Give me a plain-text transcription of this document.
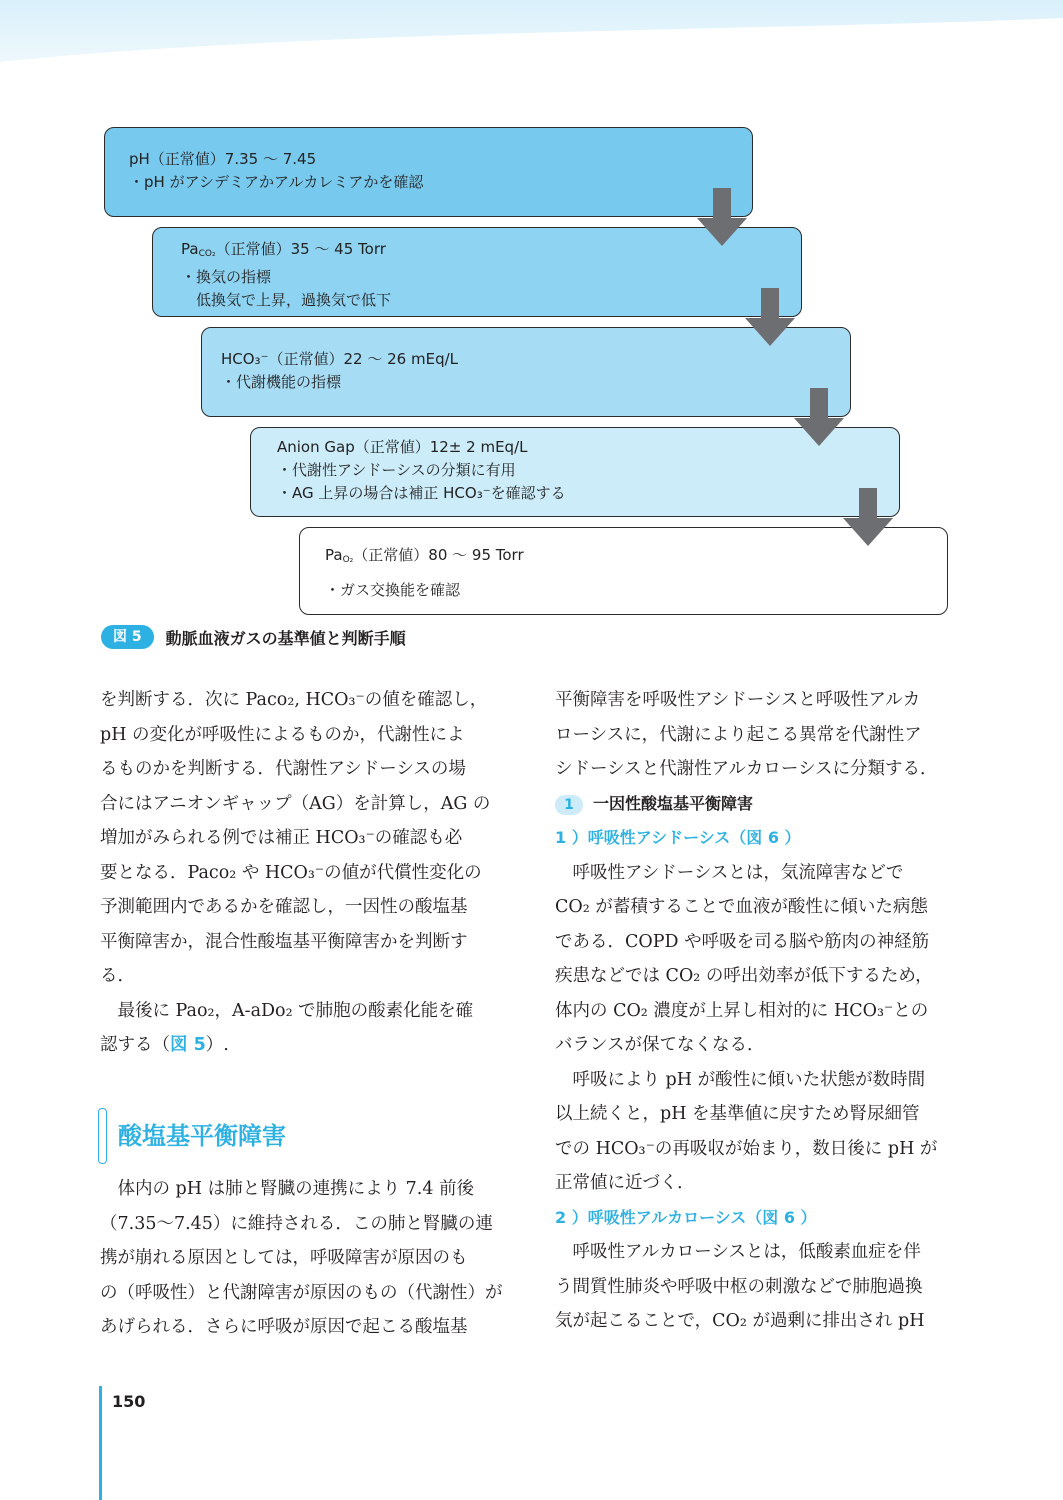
pH（正常値）7.35 ～ 7.45
・pH がアシデミアかアルカレミアかを確認
$Pa_{CO_2}$（正常値）35 ～ 45 Torr
・換気の指標
　低換気で上昇，過換気で低下
HCO₃⁻（正常値）22 ～ 26 mEq/L
・代謝機能の指標
Anion Gap（正常値）12± 2 mEq/L
・代謝性アシドーシスの分類に有用
・AG 上昇の場合は補正 HCO₃⁻を確認する
$Pa_{O_2}$（正常値）80 ～ 95 Torr
・ガス交換能を確認
図 5	動脈血液ガスの基準値と判断手順
を判断する．次に Paco₂, HCO₃⁻の値を確認し，
pH の変化が呼吸性によるものか，代謝性によ
るものかを判断する．代謝性アシドーシスの場
合にはアニオンギャップ（AG）を計算し，AG の
増加がみられる例では補正 HCO₃⁻の確認も必
要となる．Paco₂ や HCO₃⁻の値が代償性変化の
予測範囲内であるかを確認し，一因性の酸塩基
平衡障害か，混合性酸塩基平衡障害かを判断す
る．
　最後に Pao₂，A-aDo₂ で肺胞の酸素化能を確
認する（図 5）.
酸塩基平衡障害
　体内の pH は肺と腎臓の連携により 7.4 前後
（7.35～7.45）に維持される．この肺と腎臓の連
携が崩れる原因としては，呼吸障害が原因のも
の（呼吸性）と代謝障害が原因のもの（代謝性）が
あげられる．さらに呼吸が原因で起こる酸塩基
平衡障害を呼吸性アシドーシスと呼吸性アルカ
ローシスに，代謝により起こる異常を代謝性ア
シドーシスと代謝性アルカローシスに分類する．
1 一因性酸塩基平衡障害
1 ）呼吸性アシドーシス（図 6 ）
　呼吸性アシドーシスとは，気流障害などで
CO₂ が蓄積することで血液が酸性に傾いた病態
である．COPD や呼吸を司る脳や筋肉の神経筋
疾患などでは CO₂ の呼出効率が低下するため，
体内の CO₂ 濃度が上昇し相対的に HCO₃⁻との
バランスが保てなくなる．
　呼吸により pH が酸性に傾いた状態が数時間
以上続くと，pH を基準値に戻すため腎尿細管
での HCO₃⁻の再吸収が始まり，数日後に pH が
正常値に近づく．
2 ）呼吸性アルカローシス（図 6 ）
　呼吸性アルカローシスとは，低酸素血症を伴
う間質性肺炎や呼吸中枢の刺激などで肺胞過換
気が起こることで，CO₂ が過剰に排出され pH
150
